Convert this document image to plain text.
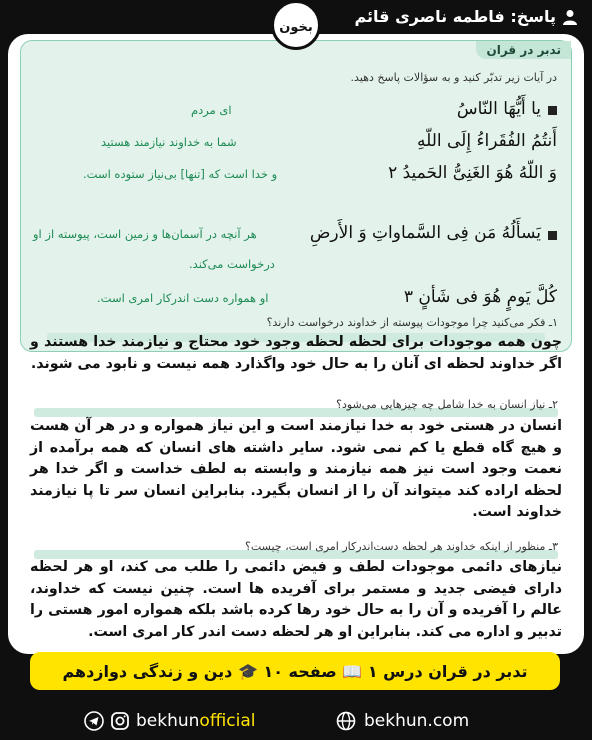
پاسخ: فاطمه ناصری قائم
بخون
تدبر در قران
در آیات زیر تدبّر کنید و به سؤالات پاسخ دهید.
یا أَیُّهَا النّاسُ
ای مردم
أَنتُمُ الفُقَراءُ إِلَی اللّهِ
شما به خداوند نیازمند هستید
وَ اللّهُ هُوَ الغَنِیُّ الحَمیدُ ۲
و خدا است که [تنها] بی‌نیاز ستوده است.
یَسأَلُهُ مَن فِی السَّماواتِ وَ الأَرضِ
هر آنچه در آسمان‌ها و زمین است، پیوسته از او
درخواست می‌کند.
کُلَّ یَومٍ هُوَ فی شَأنٍ ۳
او همواره دست اندرکار امری است.
۱ـ فکر می‌کنید چرا موجودات پیوسته از خداوند درخواست دارند؟
چون همه موجودات برای لحظه لحظه وجود خود محتاج و نیازمند خدا هستند و اگر خداوند لحظه ای آنان را به حال خود واگذارد همه نیست و نابود می شوند.
۲ـ نیاز انسان به خدا شامل چه چیزهایی می‌شود؟
انسان در هستی خود به خدا نیازمند است و این نیاز همواره و در هر آن هست و هیچ گاه قطع یا کم نمی شود. سایر داشته های انسان که همه برآمده از نعمت وجود است نیز همه نیازمند و وابسته به لطف خداست و اگر خدا هر لحظه اراده کند میتواند آن را از انسان بگیرد. بنابراین انسان سر تا پا نیازمند خداوند است.
۳ـ منظور از اینکه خداوند هر لحظه دست‌اندرکار امری است، چیست؟
نیازهای دائمی موجودات لطف و فیض دائمی را طلب می کند، او هر لحظه دارای فیضی جدید و مستمر برای آفریده ها است. چنین نیست که خداوند، عالم را آفریده و آن را به حال خود رها کرده باشد بلکه همواره امور هستی را تدبیر و اداره می کند. بنابراین او هر لحظه دست اندر کار امری است.
تدبر در قران درس ۱ 📖 صفحه ۱۰ 🎓 دین و زندگی دوازدهم
bekhun official	bekhun.com
